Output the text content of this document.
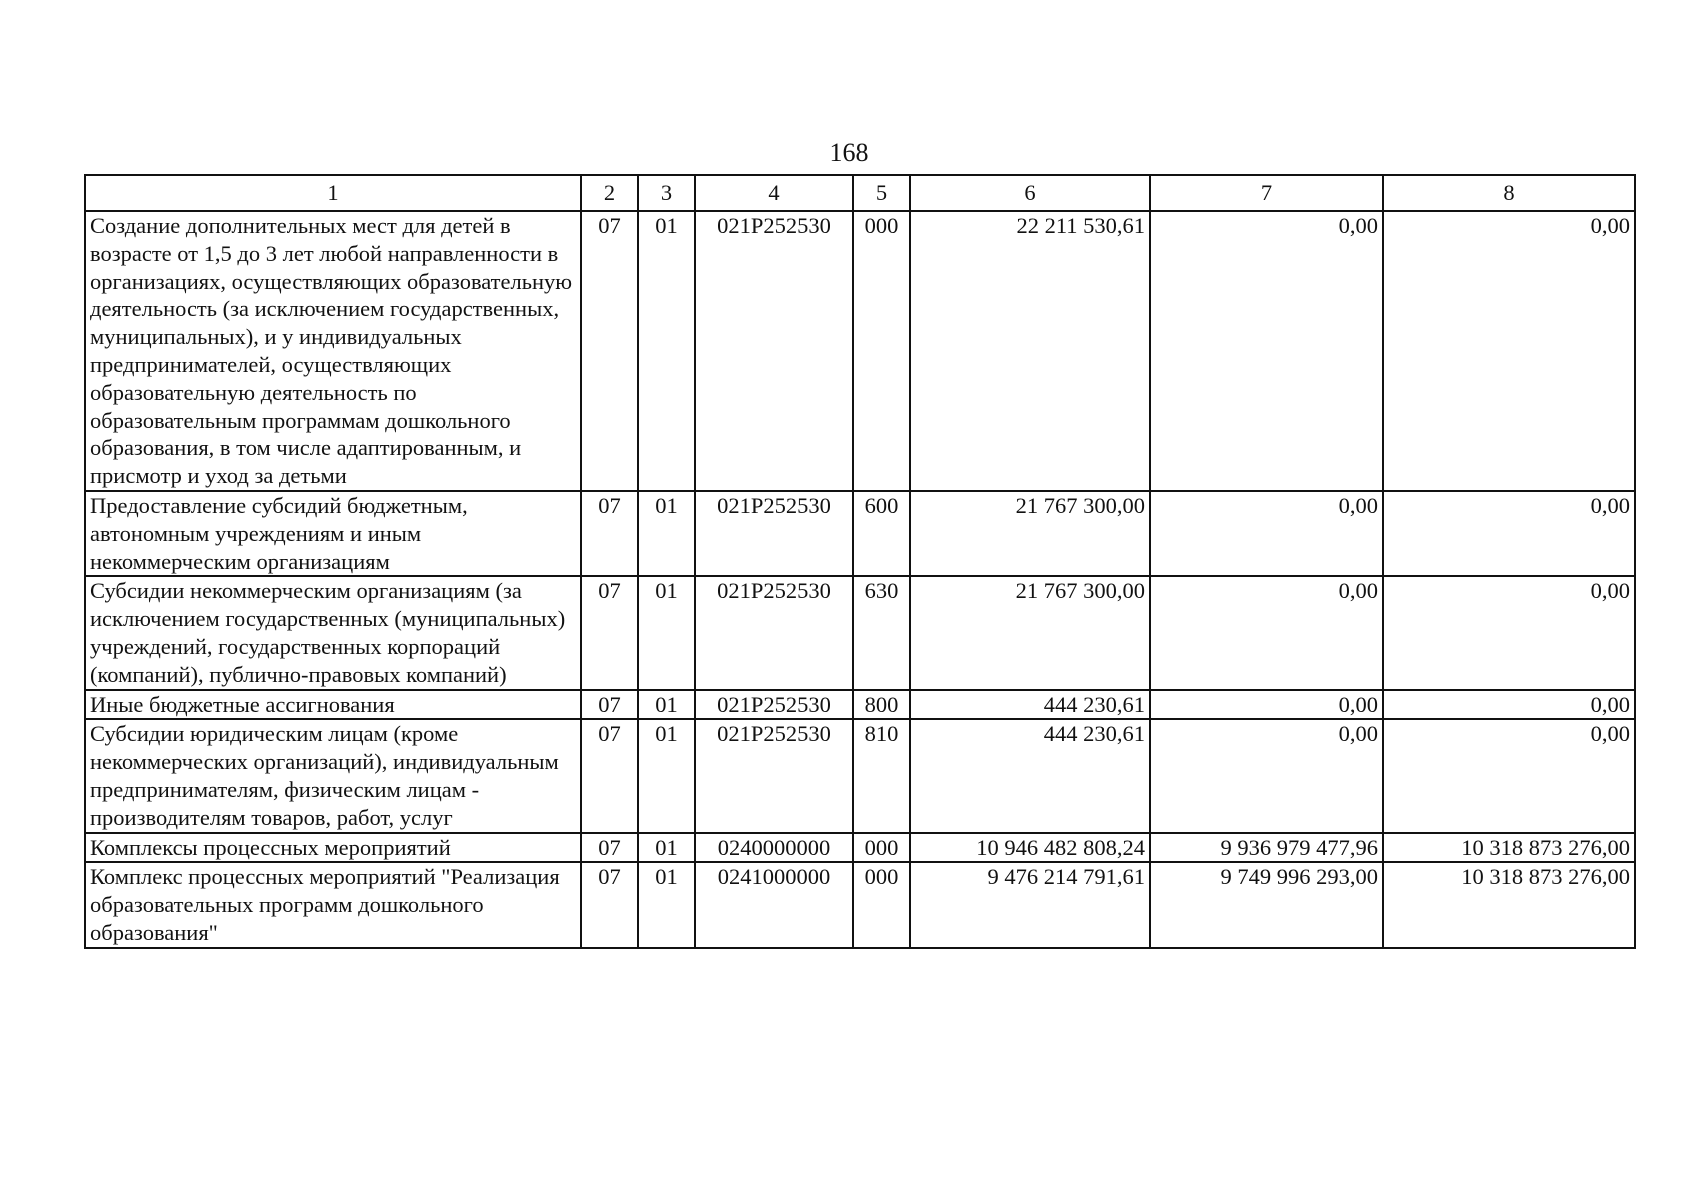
168
1	2	3	4	5	6	7	8
Создание дополнительных мест для детей в возрасте от 1,5 до 3 лет любой направленности в организациях, осуществляющих образовательную деятельность (за исключением государственных, муниципальных), и у индивидуальных предпринимателей, осуществляющих образовательную деятельность по образовательным программам дошкольного образования, в том числе адаптированным, и присмотр и уход за детьми	07	01	021P252530	000	22 211 530,61	0,00	0,00
Предоставление субсидий бюджетным, автономным учреждениям и иным некоммерческим организациям	07	01	021P252530	600	21 767 300,00	0,00	0,00
Субсидии некоммерческим организациям (за исключением государственных (муниципальных) учреждений, государственных корпораций (компаний), публично-правовых компаний)	07	01	021P252530	630	21 767 300,00	0,00	0,00
Иные бюджетные ассигнования	07	01	021P252530	800	444 230,61	0,00	0,00
Субсидии юридическим лицам (кроме некоммерческих организаций), индивидуальным предпринимателям, физическим лицам - производителям товаров, работ, услуг	07	01	021P252530	810	444 230,61	0,00	0,00
Комплексы процессных мероприятий	07	01	0240000000	000	10 946 482 808,24	9 936 979 477,96	10 318 873 276,00
Комплекс процессных мероприятий "Реализация образовательных программ дошкольного образования"	07	01	0241000000	000	9 476 214 791,61	9 749 996 293,00	10 318 873 276,00
